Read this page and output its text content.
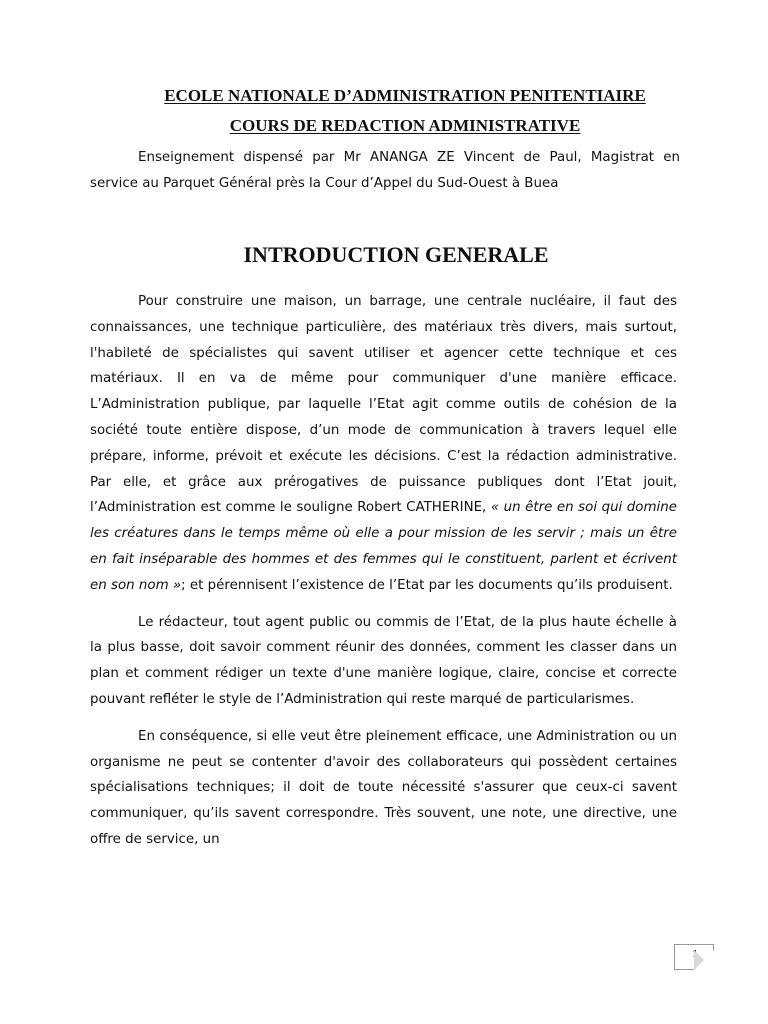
ECOLE NATIONALE D’ADMINISTRATION PENITENTIAIRE
COURS DE REDACTION ADMINISTRATIVE

Enseignement dispensé par Mr ANANGA ZE Vincent de Paul, Magistrat en service au Parquet Général près la Cour d’Appel du Sud-Ouest à Buea

INTRODUCTION GENERALE

Pour construire une maison, un barrage, une centrale nucléaire, il faut des connaissances, une technique particulière, des matériaux très divers, mais surtout, l'habileté de spécialistes qui savent utiliser et agencer cette technique et ces matériaux. Il en va de même pour communiquer d'une manière efficace. L’Administration publique, par laquelle l’Etat agit comme outils de cohésion de la société toute entière dispose, d’un mode de communication à travers lequel elle prépare, informe, prévoit et exécute les décisions. C’est la rédaction administrative. Par elle, et grâce aux prérogatives de puissance publiques dont l’Etat jouit, l’Administration est comme le souligne Robert CATHERINE, « un être en soi qui domine les créatures dans le temps même où elle a pour mission de les servir ; mais un être en fait inséparable des hommes et des femmes qui le constituent, parlent et écrivent en son nom »; et pérennisent l’existence de l’Etat par les documents qu’ils produisent.

Le rédacteur, tout agent public ou commis de l’Etat, de la plus haute échelle à la plus basse, doit savoir comment réunir des données, comment les classer dans un plan et comment rédiger un texte d'une manière logique, claire, concise et correcte pouvant refléter le style de l’Administration qui reste marqué de particularismes.

En conséquence, si elle veut être pleinement efficace, une Administration ou un organisme ne peut se contenter d'avoir des collaborateurs qui possèdent certaines spécialisations techniques; il doit de toute nécessité s'assurer que ceux-ci savent communiquer, qu’ils savent correspondre. Très souvent, une note, une directive, une offre de service, un

1
